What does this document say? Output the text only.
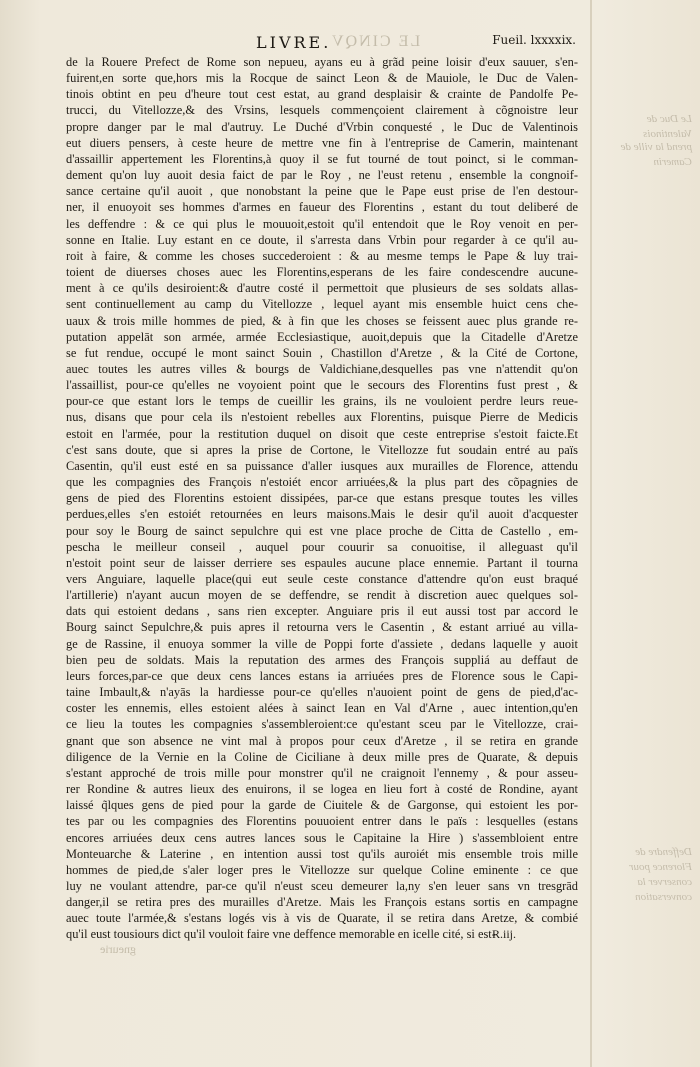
LE CINQV
Le Duc de Valentinois
prend la ville de Camerin
Deffendre de Florence pour conserver la conversation
gneurie
LIVRE.	Fueil. lxxxxix.
de la Rouere Prefect de Rome son nepueu, ayans eu à grãd peine loisir d'eux sauuer, s'en-
fuirent,en sorte que,hors mis la Rocque de sainct Leon & de Mauiole, le Duc de Valen-
tinois obtint en peu d'heure tout cest estat, au grand desplaisir & crainte de Pandolfe Pe-
trucci, du Vitellozze,& des Vrsins, lesquels commençoient clairement à cõgnoistre leur
propre danger par le mal d'autruy. Le Duché d'Vrbin conquesté , le Duc de Valentinois
eut diuers pensers, à ceste heure de mettre vne fin à l'entreprise de Camerin, maintenant
d'assaillir appertement les Florentins,à quoy il se fut tourné de tout poinct, si le comman-
dement qu'on luy auoit desia faict de par le Roy , ne l'eust retenu , ensemble la congnoif-
sance certaine qu'il auoit , que nonobstant la peine que le Pape eust prise de l'en destour-
ner, il enuoyoit ses hommes d'armes en faueur des Florentins , estant du tout deliberé de
les deffendre : & ce qui plus le mouuoit,estoit qu'il entendoit que le Roy venoit en per-
sonne en Italie. Luy estant en ce doute, il s'arresta dans Vrbin pour regarder à ce qu'il au-
roit à faire, & comme les choses succederoient : & au mesme temps le Pape & luy trai-
toient de diuerses choses auec les Florentins,esperans de les faire condescendre aucune-
ment à ce qu'ils desiroient:& d'autre costé il permettoit que plusieurs de ses soldats allas-
sent continuellement au camp du Vitellozze , lequel ayant mis ensemble huict cens che-
uaux & trois mille hommes de pied, & à fin que les choses se feissent auec plus grande re-
putation appelāt son armée, armée Ecclesiastique, auoit,depuis que la Citadelle d'Aretze
se fut rendue, occupé le mont sainct Souin , Chastillon d'Aretze , & la Cité de Cortone,
auec toutes les autres villes & bourgs de Valdichiane,desquelles pas vne n'attendit qu'on
l'assaillist, pour-ce qu'elles ne voyoient point que le secours des Florentins fust prest , &
pour-ce que estant lors le temps de cueillir les grains, ils ne vouloient perdre leurs reue-
nus, disans que pour cela ils n'estoient rebelles aux Florentins, puisque Pierre de Medicis
estoit en l'armée, pour la restitution duquel on disoit que ceste entreprise s'estoit faicte.Et
c'est sans doute, que si apres la prise de Cortone, le Vitellozze fut soudain entré au païs
Casentin, qu'il eust esté en sa puissance d'aller iusques aux murailles de Florence, attendu
que les compagnies des François n'estoiét encor arriuées,& la plus part des cõpagnies de
gens de pied des Florentins estoient dissipées, par-ce que estans presque toutes les villes
perdues,elles s'en estoiét retournées en leurs maisons.Mais le desir qu'il auoit d'acquester
pour soy le Bourg de sainct sepulchre qui est vne place proche de Citta de Castello , em-
pescha le meilleur conseil , auquel pour couurir sa conuoitise, il alleguast qu'il
n'estoit point seur de laisser derriere ses espaules aucune place ennemie. Partant il tourna
vers Anguiare, laquelle place(qui eut seule ceste constance d'attendre qu'on eust braqué
l'artillerie) n'ayant aucun moyen de se deffendre, se rendit à discretion auec quelques sol-
dats qui estoient dedans , sans rien excepter. Anguiare pris il eut aussi tost par accord le
Bourg sainct Sepulchre,& puis apres il retourna vers le Casentin , & estant arriué au villa-
ge de Rassine, il enuoya sommer la ville de Poppi forte d'assiete , dedans laquelle y auoit
bien peu de soldats. Mais la reputation des armes des François suppliá au deffaut de
leurs forces,par-ce que deux cens lances estans ia arriuées pres de Florence sous le Capi-
taine Imbault,& n'ayās la hardiesse pour-ce qu'elles n'auoient point de gens de pied,d'ac-
coster les ennemis, elles estoient alées à sainct Iean en Val d'Arne , auec intention,qu'en
ce lieu la toutes les compagnies s'assembleroient:ce qu'estant sceu par le Vitellozze, crai-
gnant que son absence ne vint mal à propos pour ceux d'Aretze , il se retira en grande
diligence de la Vernie en la Coline de Ciciliane à deux mille pres de Quarate, & depuis
s'estant approché de trois mille pour monstrer qu'il ne craignoit l'ennemy , & pour asseu-
rer Rondine & autres lieux des enuirons, il se logea en lieu fort à costé de Rondine, ayant
laissé q̃lques gens de pied pour la garde de Ciuitele & de Gargonse, qui estoient les por-
tes par ou les compagnies des Florentins pouuoient entrer dans le païs : lesquelles (estans
encores arriuées deux cens autres lances sous le Capitaine la Hire ) s'assembloient entre
Monteuarche & Laterine , en intention aussi tost qu'ils auroiét mis ensemble trois mille
hommes de pied,de s'aler loger pres le Vitellozze sur quelque Coline eminente : ce que
luy ne voulant attendre, par-ce qu'il n'eust sceu demeurer la,ny s'en leuer sans vn tresgrād
danger,il se retira pres des murailles d'Aretze. Mais les François estans sortis en campagne
auec toute l'armée,& s'estans logés vis à vis de Quarate, il se retira dans Aretze, & combié
qu'il eust tousiours dict qu'il vouloit faire vne deffence memorable en icelle cité, si est-
R.iij.
